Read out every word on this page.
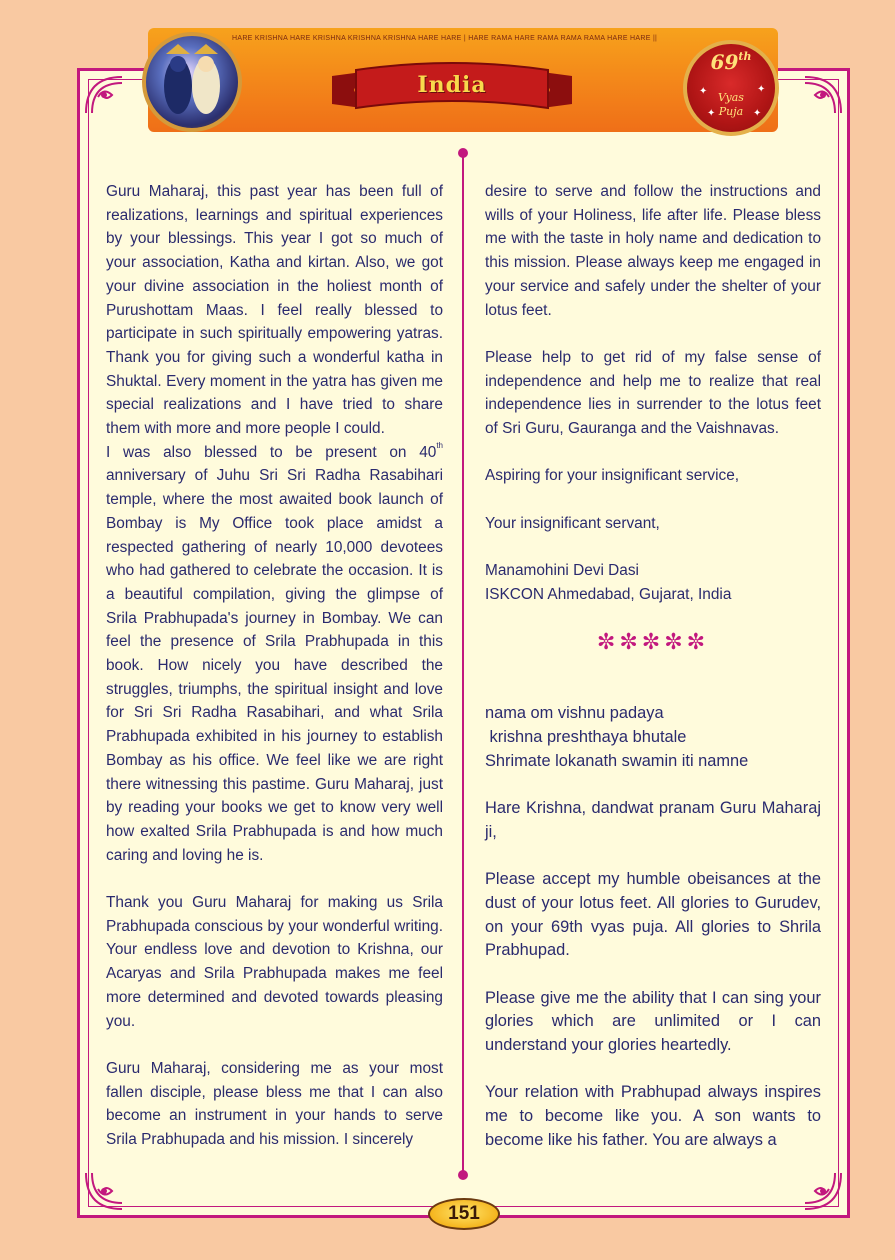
HARE KRISHNA HARE KRISHNA KRISHNA KRISHNA HARE HARE | HARE RAMA HARE RAMA RAMA RAMA HARE HARE ||
India
69th
Vyas
Puja
✦	✦
✦	✦

Guru Maharaj, this past year has been full of realizations, learnings and spiritual experiences by your blessings. This year I got so much of your association, Katha and kirtan. Also, we got your divine association in the holiest month of Purushottam Maas. I feel really blessed to participate in such spiritually empowering yatras. Thank you for giving such a wonderful katha in Shuktal. Every moment in the yatra has given me special realizations and I have tried to share them with more and more people I could.

I was also blessed to be present on 40th anniversary of Juhu Sri Sri Radha Rasabihari temple, where the most awaited book launch of Bombay is My Office took place amidst a respected gathering of nearly 10,000 devotees who had gathered to celebrate the occasion. It is a beautiful compilation, giving the glimpse of Srila Prabhupada's journey in Bombay. We can feel the presence of Srila Prabhupada in this book. How nicely you have described the struggles, triumphs, the spiritual insight and love for Sri Sri Radha Rasabihari, and what Srila Prabhupada exhibited in his journey to establish Bombay as his office. We feel like we are right there witnessing this pastime. Guru Maharaj, just by reading your books we get to know very well how exalted Srila Prabhupada is and how much caring and loving he is.

Thank you Guru Maharaj for making us Srila Prabhupada conscious by your wonderful writing. Your endless love and devotion to Krishna, our Acaryas and Srila Prabhupada makes me feel more determined and devoted towards pleasing you.

Guru Maharaj, considering me as your most fallen disciple, please bless me that I can also become an instrument in your hands to serve Srila Prabhupada and his mission. I sincerely

desire to serve and follow the instructions and wills of your Holiness, life after life. Please bless me with the taste in holy name and dedication to this mission. Please always keep me engaged in your service and safely under the shelter of your lotus feet.

Please help to get rid of my false sense of independence and help me to realize that real independence lies in surrender to the lotus feet of Sri Guru, Gauranga and the Vaishnavas.

Aspiring for your insignificant service,

Your insignificant servant,

Manamohini Devi Dasi

ISKCON Ahmedabad, Gujarat, India

✼✼✼✼✼

nama om vishnu padaya

krishna preshthaya bhutale

Shrimate lokanath swamin iti namne

Hare Krishna, dandwat pranam Guru Maharaj ji,

Please accept my humble obeisances at the dust of your lotus feet. All glories to Gurudev, on your 69th vyas puja. All glories to Shrila Prabhupad.

Please give me the ability that I can sing your glories which are unlimited or I can understand your glories heartedly.

Your relation with Prabhupad always inspires me to become like you. A son wants to become like his father. You are always a

151
